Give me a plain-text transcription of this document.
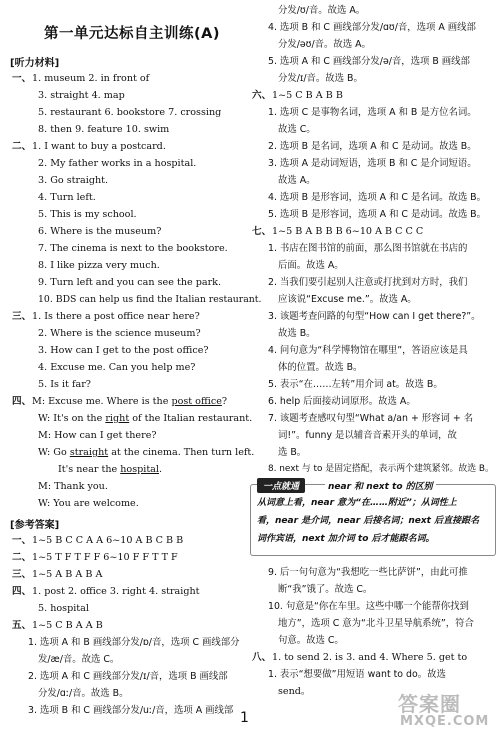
第一单元达标自主训练(A)
[听力材料]
一、 1. museum 2. in front of
3. straight 4. map
5. restaurant 6. bookstore 7. crossing
8. then 9. feature 10. swim
二、 1. I want to buy a postcard.
2. My father works in a hospital.
3. Go straight.
4. Turn left.
5. This is my school.
6. Where is the museum?
7. The cinema is next to the bookstore.
8. I like pizza very much.
9. Turn left and you can see the park.
10. BDS can help us find the Italian restaurant.
三、 1. Is there a post office near here?
2. Where is the science museum?
3. How can I get to the post office?
4. Excuse me. Can you help me?
5. Is it far?
四、 M: Excuse me. Where is the post office?
W: It's on the right of the Italian restaurant.
M: How can I get there?
W: Go straight at the cinema. Then turn left.
It's near the hospital.
M: Thank you.
W: You are welcome.
[参考答案]
一、 1~5 B C C A A 6~10 A B C B B
二、 1~5 T F T F F 6~10 F F T T F
三、 1~5 A B A B A
四、 1. post 2. office 3. right 4. straight
5. hospital
五、 1~5 C B A A B
1. 选项 A 和 B 画线部分发/ɒ/音，选项 C 画线部分
发/æ/音。故选 C。
2. 选项 A 和 C 画线部分发/ɪ/音，选项 B 画线部
分发/ɑː/音。故选 B。
3. 选项 B 和 C 画线部分发/uː/音，选项 A 画线部
分发/ʊ/音。故选 A。
4. 选项 B 和 C 画线部分发/ɑʊ/音，选项 A 画线部
分发/əʊ/音。故选 A。
5. 选项 A 和 C 画线部分发/ə/音，选项 B 画线部
分发/ɪ/音。故选 B。
六、 1~5 C B A B B
1. 选项 C 是事物名词，选项 A 和 B 是方位名词。
故选 C。
2. 选项 B 是名词，选项 A 和 C 是动词。故选 B。
3. 选项 A 是动词短语，选项 B 和 C 是介词短语。
故选 A。
4. 选项 B 是形容词，选项 A 和 C 是名词。故选 B。
5. 选项 B 是形容词，选项 A 和 C 是动词。故选 B。
七、 1~5 B A B B B 6~10 A B C C C
1. 书店在图书馆的前面，那么图书馆就在书店的
后面。故选 A。
2. 当我们要引起别人注意或打扰到对方时，我们
应该说“Excuse me.”。故选 A。
3. 该题考查问路的句型“How can I get there?”。
故选 B。
4. 问句意为“科学博物馆在哪里”，答语应该是具
体的位置。故选 B。
5. 表示“在……左转”用介词 at。故选 B。
6. help 后面接动词原形。故选 A。
7. 该题考查感叹句型“What a/an + 形容词 + 名
词!”。funny 是以辅音音素开头的单词，故
选 B。
8. next 与 to 是固定搭配，表示两个建筑紧邻。故选 B。
一点就通	near 和 next to 的区别
从词意上看，near 意为“在……附近”；从词性上
看，near 是介词，near 后接名词；next 后直接跟名
词作宾语，next 加介词 to 后才能跟名词。
9. 后一句句意为“我想吃一些比萨饼”，由此可推
断“我”饿了。故选 C。
10. 句意是“你在车里。这些中哪一个能帮你找到
地方”，选项 C 意为“北斗卫星导航系统”，符合
句意。故选 C。
八、 1. to send 2. is 3. and 4. Where 5. get to
1. 表示“想要做”用短语 want to do。故选
send。
1
答案圈
MXQE.COM
